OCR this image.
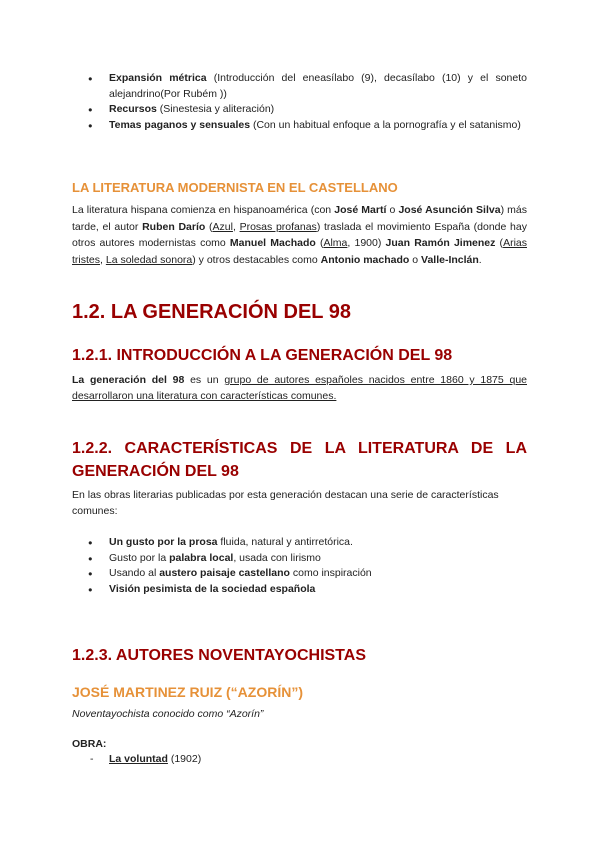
● Expansión métrica (Introducción del eneasílabo (9), decasílabo (10) y el soneto alejandrino(Por Rubém ))
● Recursos (Sinestesia y aliteración)
● Temas paganos y sensuales (Con un habitual enfoque a la pornografía y el satanismo)
LA LITERATURA MODERNISTA EN EL CASTELLANO
La literatura hispana comienza en hispanoamérica (con José Martí o José Asunción Silva) más tarde, el autor Ruben Darío (Azul, Prosas profanas) traslada el movimiento España (donde hay otros autores modernistas como Manuel Machado (Alma, 1900) Juan Ramón Jimenez (Arias tristes, La soledad sonora) y otros destacables como Antonio machado o Valle-Inclán.
1.2. LA GENERACIÓN DEL 98
1.2.1. INTRODUCCIÓN A LA GENERACIÓN DEL 98
La generación del 98 es un grupo de autores españoles nacidos entre 1860 y 1875 que desarrollaron una literatura con características comunes.
1.2.2. CARACTERÍSTICAS DE LA LITERATURA DE LA GENERACIÓN DEL 98
En las obras literarias publicadas por esta generación destacan una serie de características comunes:
● Un gusto por la prosa fluida, natural y antirretórica.
● Gusto por la palabra local, usada con lirismo
● Usando al austero paisaje castellano como inspiración
● Visión pesimista de la sociedad española
1.2.3. AUTORES NOVENTAYOCHISTAS
JOSÉ MARTINEZ RUIZ (“AZORÍN”)
Noventayochista conocido como “Azorín”
OBRA:
- La voluntad (1902)
